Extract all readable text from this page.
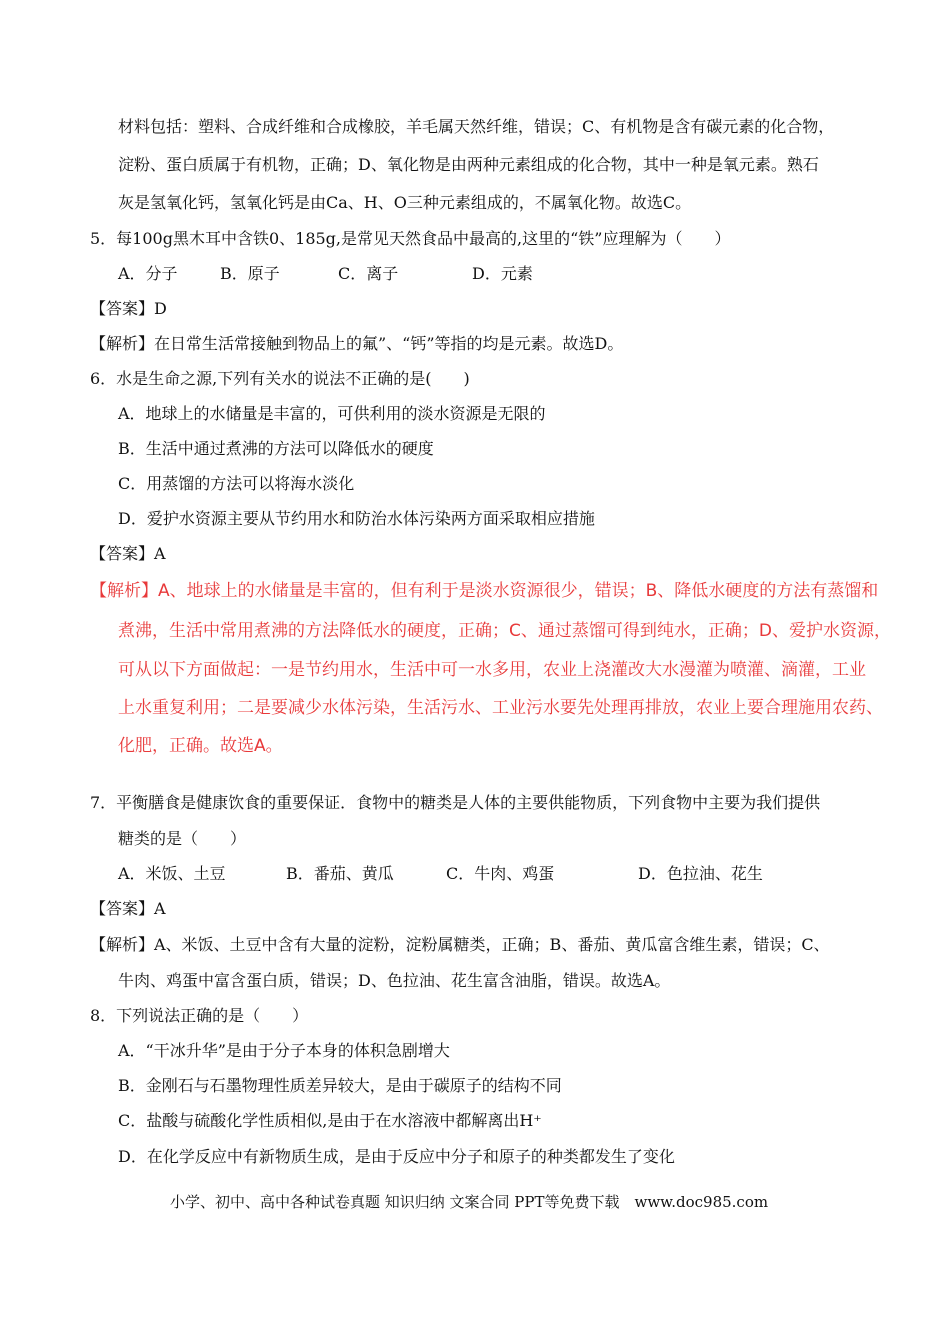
材料包括：塑料、合成纤维和合成橡胶，羊毛属天然纤维，错误；C、有机物是含有碳元素的化合物，
淀粉、蛋白质属于有机物，正确；D、氧化物是由两种元素组成的化合物，其中一种是氧元素。熟石
灰是氢氧化钙，氢氧化钙是由Ca、H、O三种元素组成的，不属氧化物。故选C。
5．每100g黑木耳中含铁0、185g,是常见天然食品中最高的,这里的“铁”应理解为（　　）
A．分子	B．原子	C．离子	D．元素
【答案】D
【解析】在日常生活常接触到物品上的氟”、“钙”等指的均是元素。故选D。
6．水是生命之源,下列有关水的说法不正确的是(　　)
A．地球上的水储量是丰富的，可供利用的淡水资源是无限的
B．生活中通过煮沸的方法可以降低水的硬度
C．用蒸馏的方法可以将海水淡化
D．爱护水资源主要从节约用水和防治水体污染两方面采取相应措施
【答案】A
【解析】A、地球上的水储量是丰富的，但有利于是淡水资源很少，错误；B、降低水硬度的方法有蒸馏和
煮沸，生活中常用煮沸的方法降低水的硬度，正确；C、通过蒸馏可得到纯水，正确；D、爱护水资源，
可从以下方面做起：一是节约用水，生活中可一水多用，农业上浇灌改大水漫灌为喷灌、滴灌，工业
上水重复利用；二是要减少水体污染，生活污水、工业污水要先处理再排放，农业上要合理施用农药、
化肥，正确。故选A。
7．平衡膳食是健康饮食的重要保证．食物中的糖类是人体的主要供能物质，下列食物中主要为我们提供
糖类的是（　　）
A．米饭、土豆	B．番茄、黄瓜	C．牛肉、鸡蛋	D．色拉油、花生
【答案】A
【解析】A、米饭、土豆中含有大量的淀粉，淀粉属糖类，正确；B、番茄、黄瓜富含维生素，错误；C、
牛肉、鸡蛋中富含蛋白质，错误；D、色拉油、花生富含油脂，错误。故选A。
8．下列说法正确的是（　　）
A．“干冰升华”是由于分子本身的体积急剧增大
B．金刚石与石墨物理性质差异较大，是由于碳原子的结构不同
C．盐酸与硫酸化学性质相似,是由于在水溶液中都解离出H⁺
D．在化学反应中有新物质生成，是由于反应中分子和原子的种类都发生了变化
小学、初中、高中各种试卷真题 知识归纳 文案合同 PPT等免费下载　www.doc985.com
